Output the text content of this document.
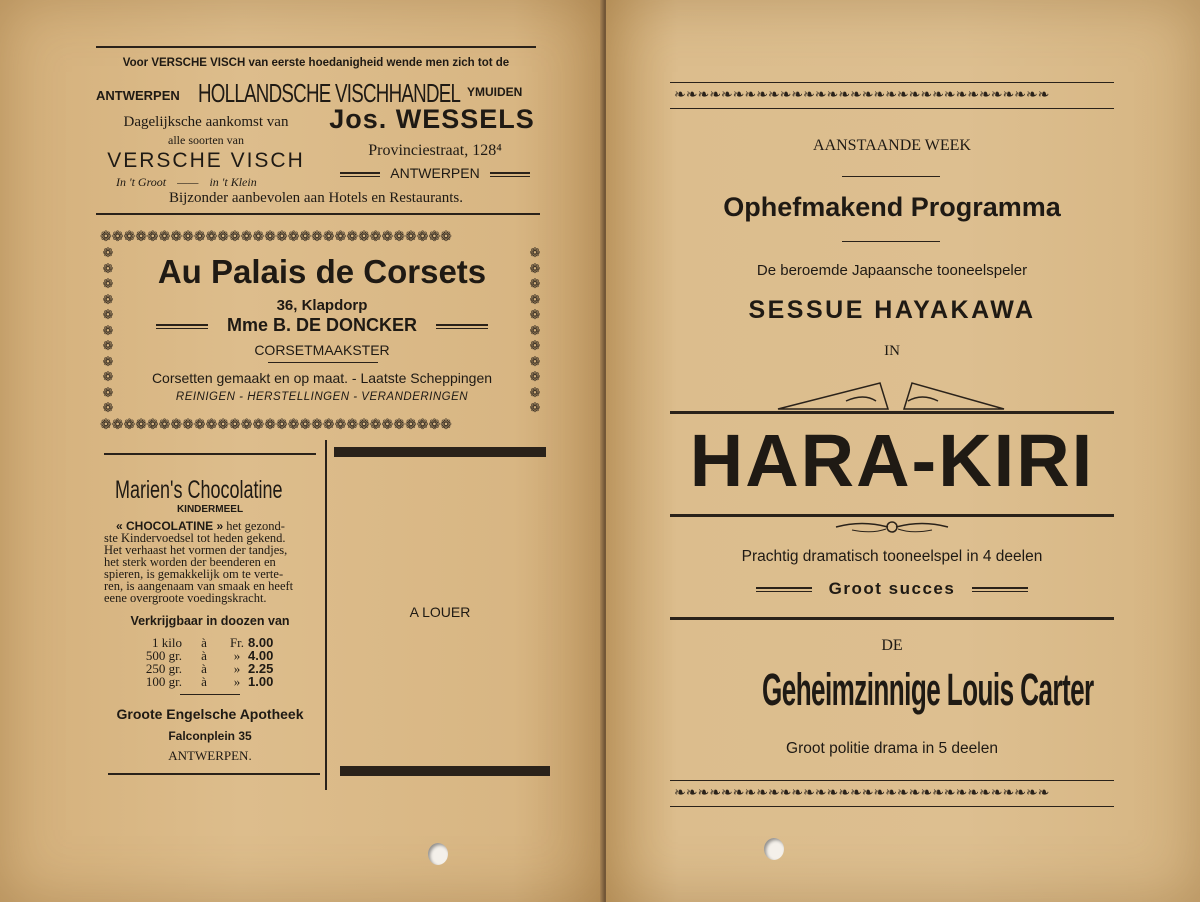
Voor VERSCHE VISCH van eerste hoedanigheid wende men zich tot de
ANTWERPEN HOLLANDSCHE VISCHHANDEL YMUIDEN
Dagelijksche aankomst van
alle soorten van
VERSCHE VISCH
In 't Groot —— in 't Klein
Jos. WESSELS
Provinciestraat, 128⁴
ANTWERPEN
Bijzonder aanbevolen aan Hotels en Restaurants.
❁❁❁❁❁❁❁❁❁❁❁❁❁❁❁❁❁❁❁❁❁❁❁❁❁❁❁❁❁❁
❁
❁
❁
❁
❁
❁
❁
❁
❁
❁
❁
❁
❁
❁
❁
❁
❁
❁
❁
❁
❁
❁
❁❁❁❁❁❁❁❁❁❁❁❁❁❁❁❁❁❁❁❁❁❁❁❁❁❁❁❁❁❁
Au Palais de Corsets
36, Klapdorp
Mme B. DE DONCKER
CORSETMAAKSTER
Corsetten gemaakt en op maat. - Laatste Scheppingen
REINIGEN - HERSTELLINGEN - VERANDERINGEN
Marien's Chocolatine
KINDERMEEL
« CHOCOLATINE » het gezond-
ste Kindervoedsel tot heden gekend.
Het verhaast het vormen der tandjes,
het sterk worden der beenderen en
spieren, is gemakkelijk om te verte-
ren, is aangenaam van smaak en heeft
eene overgroote voedingskracht.
Verkrijgbaar in doozen van
1 kilo	à	Fr. 8.00
500 gr.	à	» 4.00
250 gr.	à	» 2.25
100 gr.	à	» 1.00
Groote Engelsche Apotheek
Falconplein 35
ANTWERPEN.
A LOUER
❧❧❧❧❧❧❧❧❧❧❧❧❧❧❧❧❧❧❧❧❧❧❧❧❧❧❧❧❧❧❧❧
AANSTAANDE WEEK
Ophefmakend Programma
De beroemde Japaansche tooneelspeler
SESSUE HAYAKAWA
IN
HARA-KIRI
Prachtig dramatisch tooneelspel in 4 deelen
Groot succes
DE
Geheimzinnige Louis Carter
Groot politie drama in 5 deelen
❧❧❧❧❧❧❧❧❧❧❧❧❧❧❧❧❧❧❧❧❧❧❧❧❧❧❧❧❧❧❧❧
